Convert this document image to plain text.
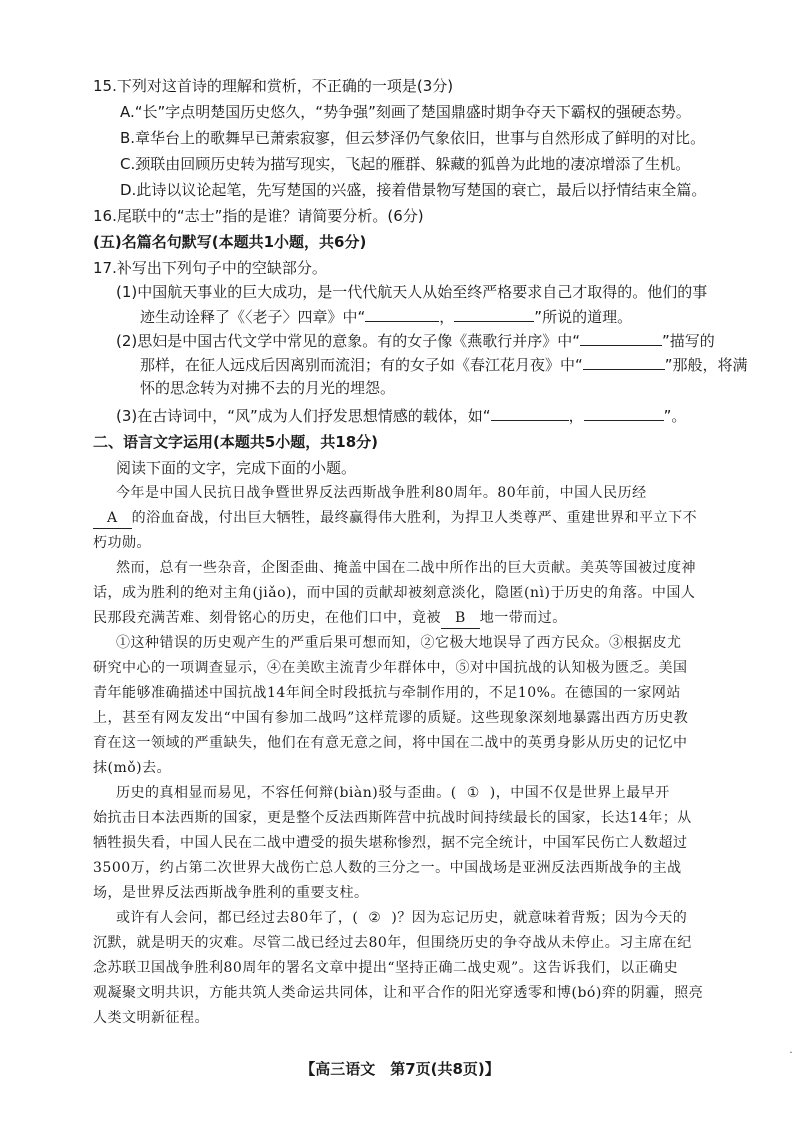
15.下列对这首诗的理解和赏析，不正确的一项是(3分)
A.“长”字点明楚国历史悠久，“势争强”刻画了楚国鼎盛时期争夺天下霸权的强硬态势。
B.章华台上的歌舞早已萧索寂寥，但云梦泽仍气象依旧，世事与自然形成了鲜明的对比。
C.颈联由回顾历史转为描写现实，飞起的雁群、躲藏的狐兽为此地的凄凉增添了生机。
D.此诗以议论起笔，先写楚国的兴盛，接着借景物写楚国的衰亡，最后以抒情结束全篇。
16.尾联中的“志士”指的是谁？请简要分析。(6分)
(五)名篇名句默写(本题共1小题，共6分)
17.补写出下列句子中的空缺部分。
(1)中国航天事业的巨大成功，是一代代航天人从始至终严格要求自己才取得的。他们的事
迹生动诠释了《〈老子〉四章》中“	，	”所说的道理。
(2)思妇是中国古代文学中常见的意象。有的女子像《燕歌行并序》中“	”描写的
那样，在征人远戍后因离别而流泪；有的女子如《春江花月夜》中“	”那般，将满
怀的思念转为对拂不去的月光的埋怨。
(3)在古诗词中，“风”成为人们抒发思想情感的载体，如“	，	”。
二、语言文字运用(本题共5小题，共18分)
阅读下面的文字，完成下面的小题。
今年是中国人民抗日战争暨世界反法西斯战争胜利80周年。80年前，中国人民历经
A 的浴血奋战，付出巨大牺牲，最终赢得伟大胜利，为捍卫人类尊严、重建世界和平立下不
朽功勋。
然而，总有一些杂音，企图歪曲、掩盖中国在二战中所作出的巨大贡献。美英等国被过度神
话，成为胜利的绝对主角(jiǎo)，而中国的贡献却被刻意淡化，隐匿(nì)于历史的角落。中国人
民那段充满苦难、刻骨铭心的历史，在他们口中，竟被 B 地一带而过。
①这种错误的历史观产生的严重后果可想而知，②它极大地误导了西方民众。③根据皮尤
研究中心的一项调查显示，④在美欧主流青少年群体中，⑤对中国抗战的认知极为匮乏。美国
青年能够准确描述中国抗战14年间全时段抵抗与牵制作用的，不足10%。在德国的一家网站
上，甚至有网友发出“中国有参加二战吗”这样荒谬的质疑。这些现象深刻地暴露出西方历史教
育在这一领域的严重缺失，他们在有意无意之间，将中国在二战中的英勇身影从历史的记忆中
抹(mǒ)去。
历史的真相显而易见，不容任何辩(biàn)驳与歪曲。( ① )，中国不仅是世界上最早开
始抗击日本法西斯的国家，更是整个反法西斯阵营中抗战时间持续最长的国家，长达14年；从
牺牲损失看，中国人民在二战中遭受的损失堪称惨烈，据不完全统计，中国军民伤亡人数超过
3500万，约占第二次世界大战伤亡总人数的三分之一。中国战场是亚洲反法西斯战争的主战
场，是世界反法西斯战争胜利的重要支柱。
或许有人会问，都已经过去80年了，( ② )？因为忘记历史，就意味着背叛；因为今天的
沉默，就是明天的灾难。尽管二战已经过去80年，但围绕历史的争夺战从未停止。习主席在纪
念苏联卫国战争胜利80周年的署名文章中提出“坚持正确二战史观”。这告诉我们，以正确史
观凝聚文明共识，方能共筑人类命运共同体，让和平合作的阳光穿透零和博(bó)弈的阴霾，照亮
人类文明新征程。
【高三语文　第7页(共8页)】
˙
